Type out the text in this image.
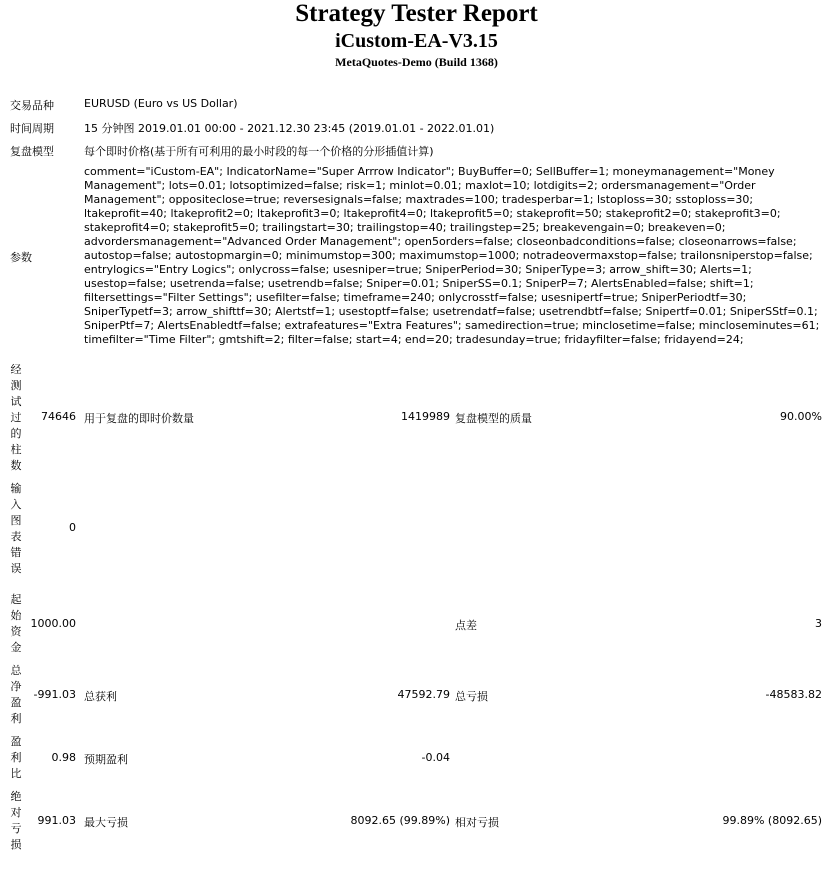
Strategy Tester Report
iCustom-EA-V3.15
MetaQuotes-Demo (Build 1368)
交易品种	EURUSD (Euro vs US Dollar)
时间周期	15 分钟图 2019.01.01 00:00 - 2021.12.30 23:45 (2019.01.01 - 2022.01.01)
复盘模型	每个即时价格(基于所有可利用的最小时段的每一个价格的分形插值计算)
参数
comment="iCustom-EA"; IndicatorName="Super Arrrow Indicator"; BuyBuffer=0; SellBuffer=1; moneymanagement="Money Management"; lots=0.01; lotsoptimized=false; risk=1; minlot=0.01; maxlot=10; lotdigits=2; ordersmanagement="Order Management"; oppositeclose=true; reversesignals=false; maxtrades=100; tradesperbar=1; lstoploss=30; sstoploss=30; ltakeprofit=40; ltakeprofit2=0; ltakeprofit3=0; ltakeprofit4=0; ltakeprofit5=0; stakeprofit=50; stakeprofit2=0; stakeprofit3=0; stakeprofit4=0; stakeprofit5=0; trailingstart=30; trailingstop=40; trailingstep=25; breakevengain=0; breakeven=0; advordersmanagement="Advanced Order Management"; open5orders=false; closeonbadconditions=false; closeonarrows=false; autostop=false; autostopmargin=0; minimumstop=300; maximumstop=1000; notradeovermaxstop=false; trailonsniperstop=false; entrylogics="Entry Logics"; onlycross=false; usesniper=true; SniperPeriod=30; SniperType=3; arrow_shift=30; Alerts=1; usestop=false; usetrenda=false; usetrendb=false; Sniper=0.01; SniperSS=0.1; SniperP=7; AlertsEnabled=false; shift=1; filtersettings="Filter Settings"; usefilter=false; timeframe=240; onlycrosstf=false; usesnipertf=true; SniperPeriodtf=30; SniperTypetf=3; arrow_shifttf=30; Alertstf=1; usestoptf=false; usetrendatf=false; usetrendbtf=false; Snipertf=0.01; SniperSStf=0.1; SniperPtf=7; AlertsEnabledtf=false; extrafeatures="Extra Features"; samedirection=true; minclosetime=false; mincloseminutes=61; timefilter="Time Filter"; gmtshift=2; filter=false; start=4; end=20; tradesunday=true; fridayfilter=false; fridayend=24;
经测试过的柱数
74646 用于复盘的即时价数量	1419989 复盘模型的质量	90.00%
输入图表错误
0
起始资金
1000.00	点差	3
总净盈利
-991.03 总获利	47592.79 总亏损	-48583.82
盈利比
0.98 预期盈利	-0.04
绝对亏损
991.03 最大亏损	8092.65 (99.89%) 相对亏损	99.89% (8092.65)
